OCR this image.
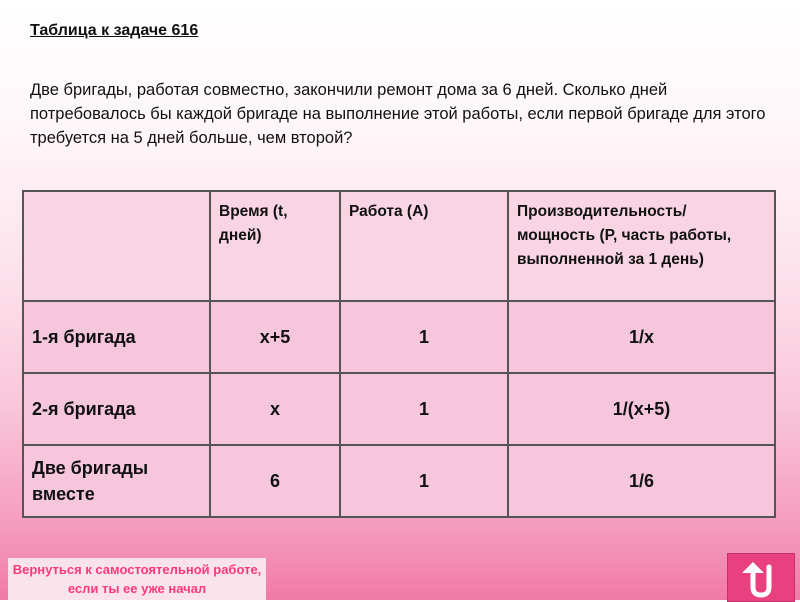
Таблица к задаче 616
Две бригады, работая совместно, закончили ремонт дома за 6 дней. Сколько дней потребовалось бы каждой бригаде на выполнение этой работы, если первой бригаде для этого требуется на 5 дней больше, чем второй?
	Время (t, дней)	Работа (A)	Производительность/ мощность (P, часть работы, выполненной за 1 день)
1-я бригада	x+5	1	1/x
2-я бригада	x	1	1/(x+5)
Две бригады вместе	6	1	1/6
Вернуться к самостоятельной работе, если ты ее уже начал
